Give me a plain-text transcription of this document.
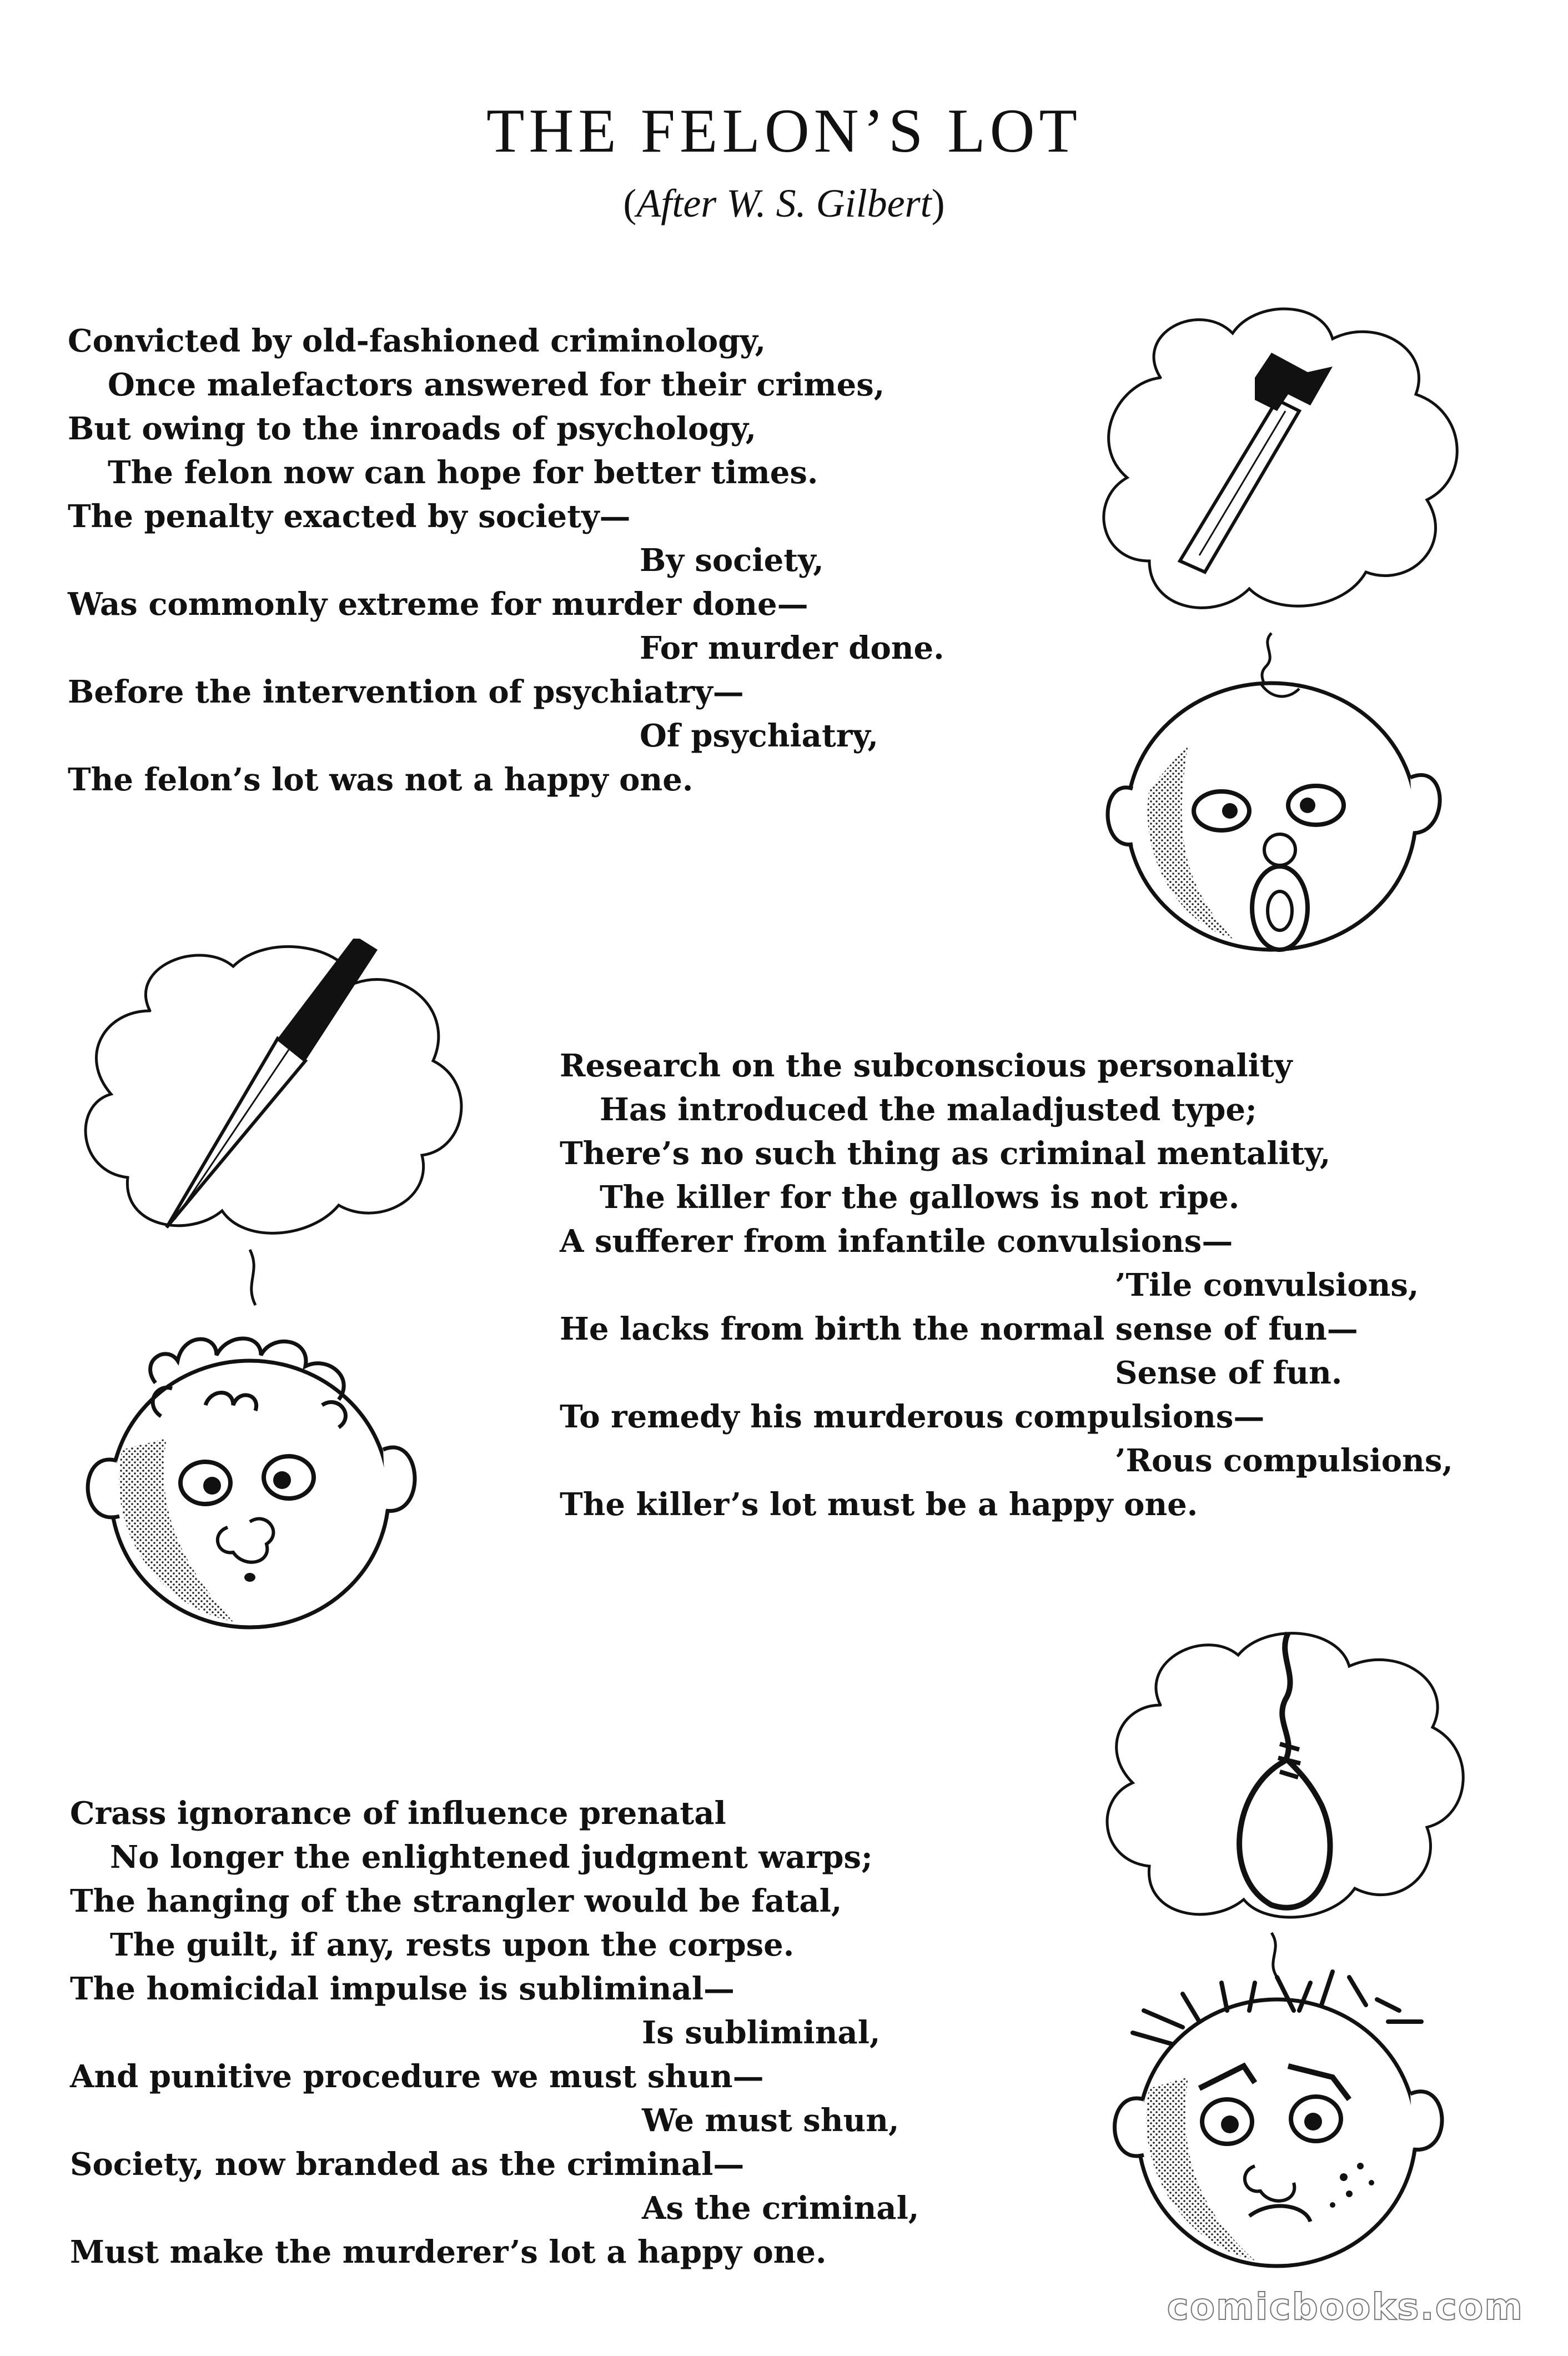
THE FELON’S LOT
(After W. S. Gilbert)
Convicted by old-fashioned criminology,
Once malefactors answered for their crimes,
But owing to the inroads of psychology,
The felon now can hope for better times.
The penalty exacted by society—
By society,
Was commonly extreme for murder done—
For murder done.
Before the intervention of psychiatry—
Of psychiatry,
The felon’s lot was not a happy one.
Research on the subconscious personality
Has introduced the maladjusted type;
There’s no such thing as criminal mentality,
The killer for the gallows is not ripe.
A sufferer from infantile convulsions—
’Tile convulsions,
He lacks from birth the normal sense of fun—
Sense of fun.
To remedy his murderous compulsions—
’Rous compulsions,
The killer’s lot must be a happy one.
Crass ignorance of influence prenatal
No longer the enlightened judgment warps;
The hanging of the strangler would be fatal,
The guilt, if any, rests upon the corpse.
The homicidal impulse is subliminal—
Is subliminal,
And punitive procedure we must shun—
We must shun,
Society, now branded as the criminal—
As the criminal,
Must make the murderer’s lot a happy one.
comicbooks.com
